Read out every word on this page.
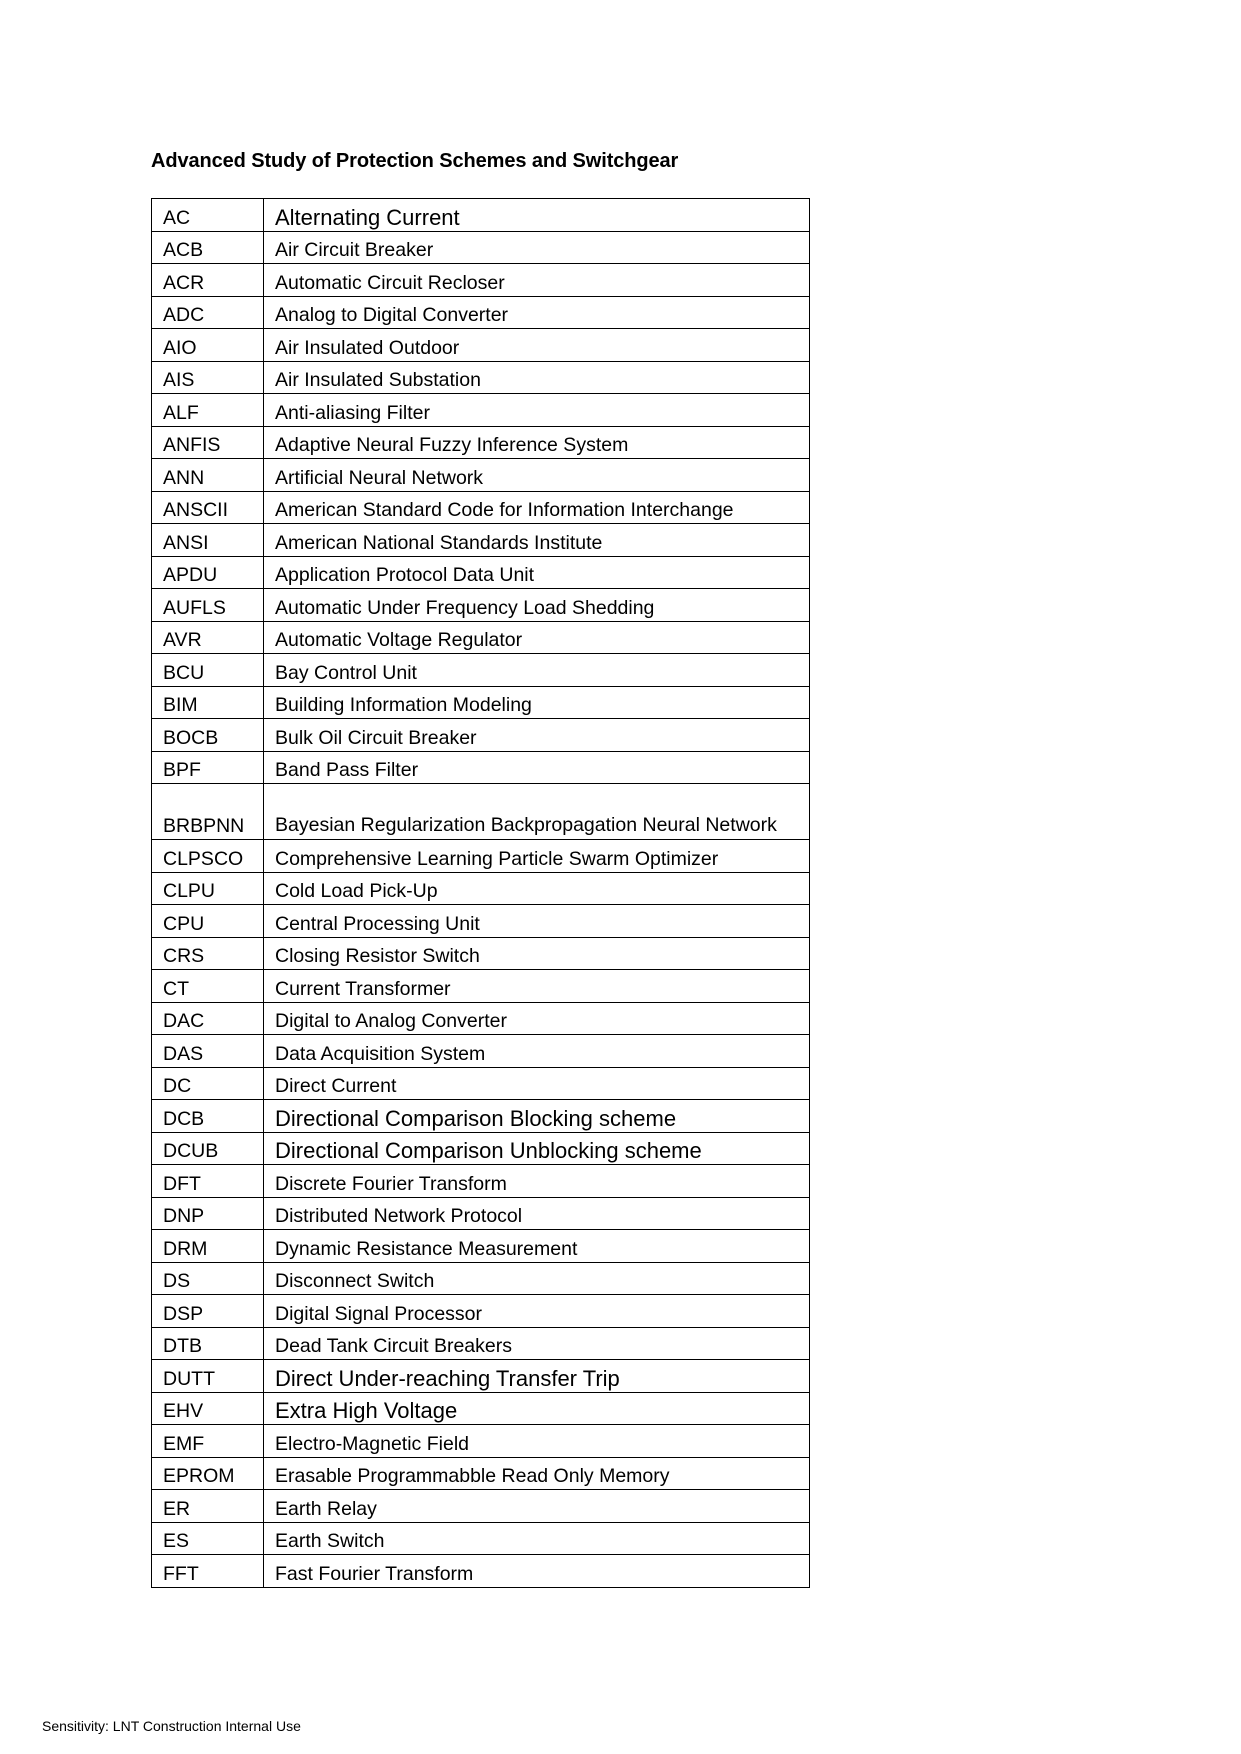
Advanced Study of Protection Schemes and Switchgear
AC	Alternating Current
ACB	Air Circuit Breaker
ACR	Automatic Circuit Recloser
ADC	Analog to Digital Converter
AIO	Air Insulated Outdoor
AIS	Air Insulated Substation
ALF	Anti-aliasing Filter
ANFIS	Adaptive Neural Fuzzy Inference System
ANN	Artificial Neural Network
ANSCII	American Standard Code for Information Interchange
ANSI	American National Standards Institute
APDU	Application Protocol Data Unit
AUFLS	Automatic Under Frequency Load Shedding
AVR	Automatic Voltage Regulator
BCU	Bay Control Unit
BIM	Building Information Modeling
BOCB	Bulk Oil Circuit Breaker
BPF	Band Pass Filter
BRBPNN	Bayesian Regularization Backpropagation Neural Network
CLPSCO	Comprehensive Learning Particle Swarm Optimizer
CLPU	Cold Load Pick-Up
CPU	Central Processing Unit
CRS	Closing Resistor Switch
CT	Current Transformer
DAC	Digital to Analog Converter
DAS	Data Acquisition System
DC	Direct Current
DCB	Directional Comparison Blocking scheme
DCUB	Directional Comparison Unblocking scheme
DFT	Discrete Fourier Transform
DNP	Distributed Network Protocol
DRM	Dynamic Resistance Measurement
DS	Disconnect Switch
DSP	Digital Signal Processor
DTB	Dead Tank Circuit Breakers
DUTT	Direct Under-reaching Transfer Trip
EHV	Extra High Voltage
EMF	Electro-Magnetic Field
EPROM	Erasable Programmabble Read Only Memory
ER	Earth Relay
ES	Earth Switch
FFT	Fast Fourier Transform
Sensitivity: LNT Construction Internal Use
